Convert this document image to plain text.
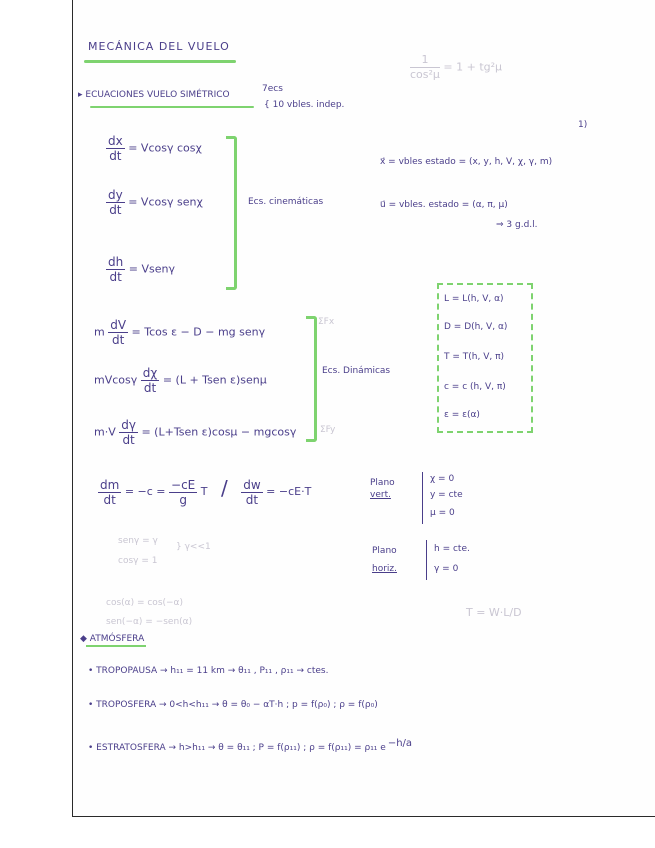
MECÁNICA DEL VUELO
$\frac{1}{\text{cos²μ}} = 1 + tg^2\mu$
1)
▸ ECUACIONES VUELO SIMÉTRICO
7ecs
{ 10 vbles. indep.
$\frac{dx}{dt} = Vcos\gamma$ cosχ
$\frac{dy}{dt} = Vcos\gamma$ senχ
$\frac{dh}{dt}$ = Vsenγ
Ecs. cinemáticas
x⃗ = vbles estado = (x, y, h, V, χ, γ, m)
u⃗ = vbles. estado = (α, π, μ)
⇒ 3 g.d.l.
m $\frac{dV}{dt} = Tcos$ ε − D − mg senγ
mVcosγ $\frac{d\chi}{dt} = (L$ + Tsen ε)senμ
$m\cdot V \frac{d\gamma}{dt}$ = (L+Tsen ε)cosμ − mgcosγ
ΣFx
ΣFy
Ecs. Dinámicas
L = L(h, V, α)
D = D(h, V, α)
T = T(h, V, π)
c = c (h, V, π)
ε = ε(α)
$\frac{dm}{dt} = -c = \frac{-cE}{g}$ $T / \frac{dw}{dt} = -cE\cdot T$
Plano
vert.
χ = 0
y = cte
μ = 0
senγ = γ
cosγ = 1
} γ<<1	Plano
horiz.
h = cte.
γ = 0
cos(α) = cos(−α)
sen(−α) = −sen(α)
T = W·L/D
◆ ATMÓSFERA
• TROPOPAUSA → h₁₁ = 11 km → θ₁₁ , P₁₁ , ρ₁₁ → ctes.
• TROPOSFERA → 0<h<h₁₁ → θ = θ₀ − αT·h ; p = f(ρ₀) ; ρ = f(ρ₀)
• ESTRATOSFERA → h>h₁₁ → θ = θ₁₁ ; P = f(ρ₁₁) ; ρ = f(ρ₁₁) = ρ₁₁ e $^{-h/a}$
